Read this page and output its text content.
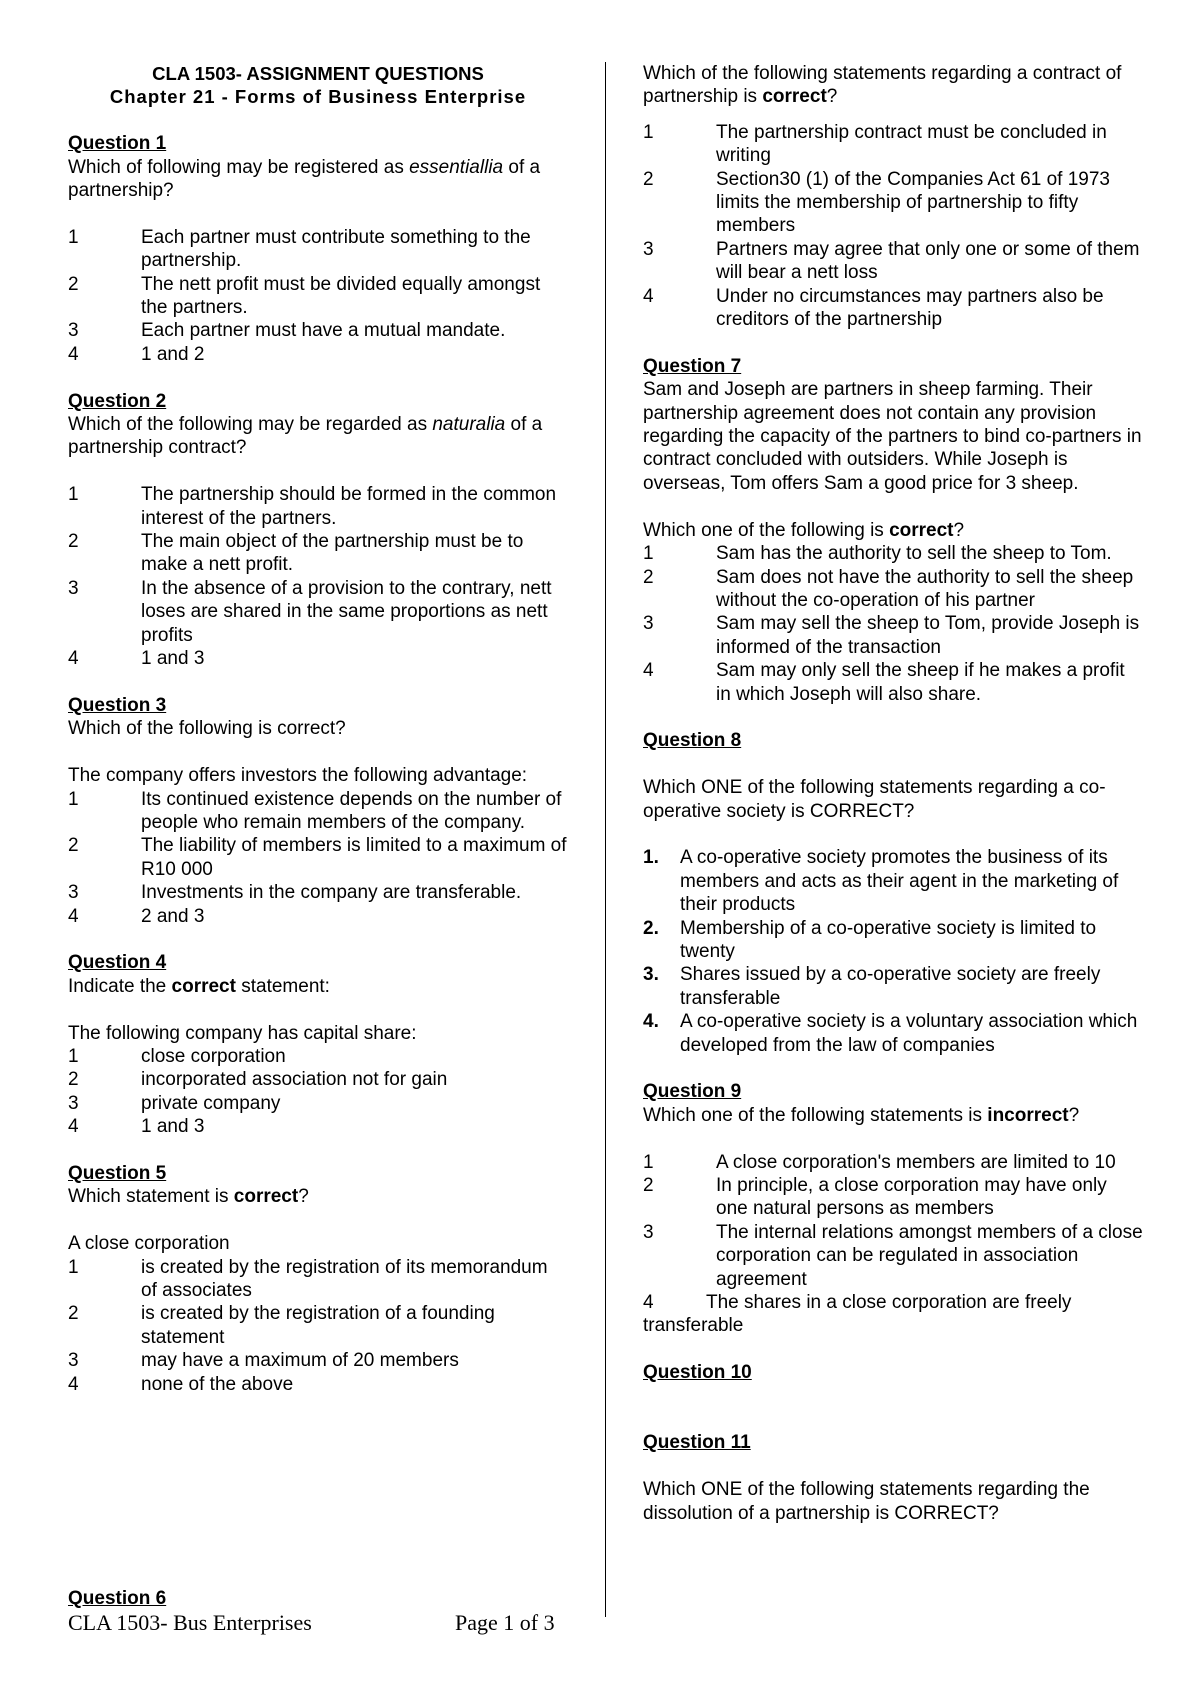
CLA 1503- ASSIGNMENT QUESTIONS
Chapter 21 - Forms of Business Enterprise
Question 1
Which of following may be registered as essentiallia of a partnership?
1	Each partner must contribute something to the partnership.
2	The nett profit must be divided equally amongst the partners.
3	Each partner must have a mutual mandate.
4	1 and 2
Question 2
Which of the following may be regarded as naturalia of a partnership contract?
1	The partnership should be formed in the common interest of the partners.
2	The main object of the partnership must be to make a nett profit.
3	In the absence of a provision to the contrary, nett loses are shared in the same proportions as nett profits
4	1 and 3
Question 3
Which of the following is correct?
The company offers investors the following advantage:
1	Its continued existence depends on the number of people who remain members of the company.
2	The liability of members is limited to a maximum of R10 000
3	Investments in the company are transferable.
4	2 and 3
Question 4
Indicate the correct statement:
The following company has capital share:
1	close corporation
2	incorporated association not for gain
3	private company
4	1 and 3
Question 5
Which statement is correct?
A close corporation
1	is created by the registration of its memorandum of associates
2	is created by the registration of a founding statement
3	may have a maximum of 20 members
4	none of the above
Question 6
Which of the following statements regarding a contract of partnership is correct?
1	The partnership contract must be concluded in writing
2	Section30 (1) of the Companies Act 61 of 1973 limits the membership of partnership to fifty members
3	Partners may agree that only one or some of them will bear a nett loss
4	Under no circumstances may partners also be creditors of the partnership
Question 7
Sam and Joseph are partners in sheep farming. Their partnership agreement does not contain any provision regarding the capacity of the partners to bind co-partners in contract concluded with outsiders. While Joseph is overseas, Tom offers Sam a good price for 3 sheep.
Which one of the following is correct?
1	Sam has the authority to sell the sheep to Tom.
2	Sam does not have the authority to sell the sheep without the co-operation of his partner
3	Sam may sell the sheep to Tom, provide Joseph is informed of the transaction
4	Sam may only sell the sheep if he makes a profit in which Joseph will also share.
Question 8
Which ONE of the following statements regarding a co-operative society is CORRECT?
1.	A co-operative society promotes the business of its members and acts as their agent in the marketing of their products
2.	Membership of a co-operative society is limited to twenty
3.	Shares issued by a co-operative society are freely transferable
4.	A co-operative society is a voluntary association which developed from the law of companies
Question 9
Which one of the following statements is incorrect?
1	A close corporation's members are limited to 10
2	In principle, a close corporation may have only one natural persons as members
3	The internal relations amongst members of a close corporation can be regulated in association agreement
4          The shares in a close corporation are freely transferable
Question 10
Question 11
Which ONE of the following statements regarding the dissolution of a partnership is CORRECT?
CLA 1503- Bus Enterprises	Page 1 of 3
